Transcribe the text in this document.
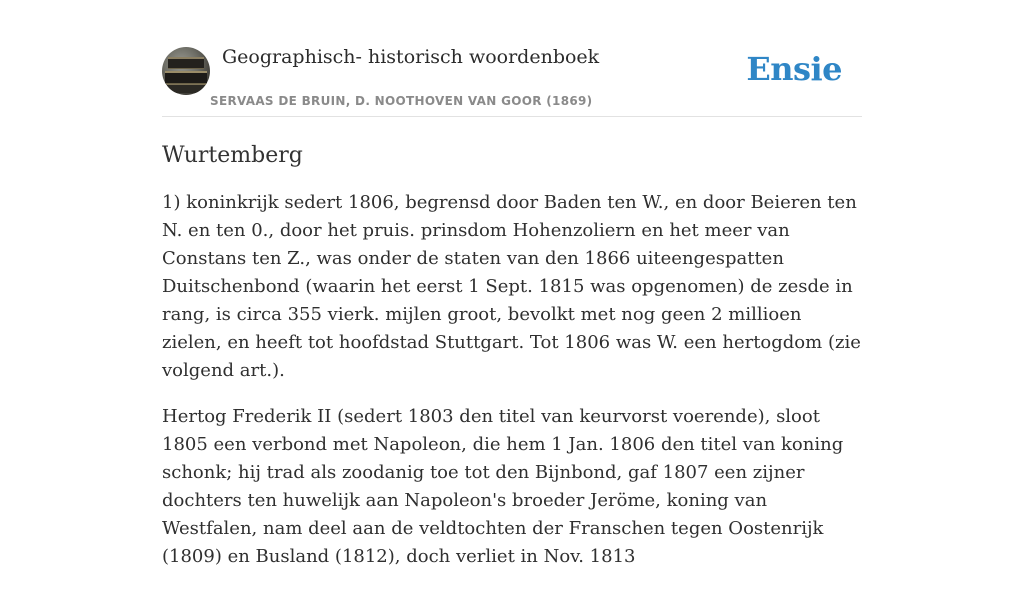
Geographisch- historisch woordenboek
SERVAAS DE BRUIN, D. NOOTHOVEN VAN GOOR (1869)
Ensie
Wurtemberg

1) koninkrijk sedert 1806, begrensd door Baden ten W., en door Beieren ten N. en ten 0., door het pruis. prinsdom Hohenzoliern en het meer van Constans ten Z., was onder de staten van den 1866 uiteengespatten Duitschenbond (waarin het eerst 1 Sept. 1815 was opgenomen) de zesde in rang, is circa 355 vierk. mijlen groot, bevolkt met nog geen 2 millioen zielen, en heeft tot hoofdstad Stuttgart. Tot 1806 was W. een hertogdom (zie volgend art.).

Hertog Frederik II (sedert 1803 den titel van keurvorst voerende), sloot 1805 een verbond met Napoleon, die hem 1 Jan. 1806 den titel van koning schonk; hij trad als zoodanig toe tot den Bijnbond, gaf 1807 een zijner dochters ten huwelijk aan Napoleon's broeder Jeröme, koning van Westfalen, nam deel aan de veldtochten der Franschen tegen Oostenrijk (1809) en Busland (1812), doch verliet in Nov. 1813
